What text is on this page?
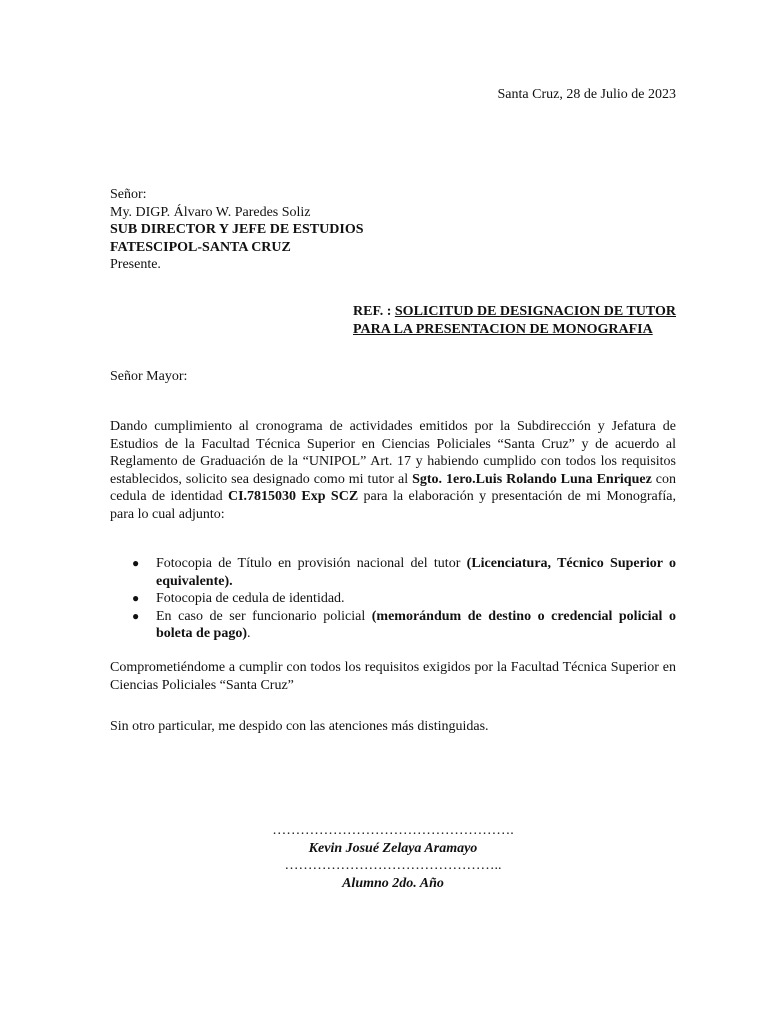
Santa Cruz, 28 de Julio de 2023
Señor:
My. DIGP. Álvaro W. Paredes Soliz
SUB DIRECTOR Y JEFE DE ESTUDIOS
FATESCIPOL-SANTA CRUZ
Presente.
REF. : SOLICITUD DE DESIGNACION DE TUTOR
PARA LA PRESENTACION DE MONOGRAFIA
Señor Mayor:
Dando cumplimiento al cronograma de actividades emitidos por la Subdirección y Jefatura de Estudios de la Facultad Técnica Superior en Ciencias Policiales “Santa Cruz” y de acuerdo al Reglamento de Graduación de la “UNIPOL” Art. 17 y habiendo cumplido con todos los requisitos establecidos, solicito sea designado como mi tutor al Sgto. 1ero.Luis Rolando Luna Enriquez con cedula de identidad CI.7815030 Exp SCZ para la elaboración y presentación de mi Monografía, para lo cual adjunto:
● Fotocopia de Título en provisión nacional del tutor (Licenciatura, Técnico Superior o equivalente).
● Fotocopia de cedula de identidad.
● En caso de ser funcionario policial (memorándum de destino o credencial policial o boleta de pago).
Comprometiéndome a cumplir con todos los requisitos exigidos por la Facultad Técnica Superior en Ciencias Policiales “Santa Cruz”
Sin otro particular, me despido con las atenciones más distinguidas.
…………………………………………….
Kevin Josué Zelaya Aramayo
………………………………………..
Alumno 2do. Año
